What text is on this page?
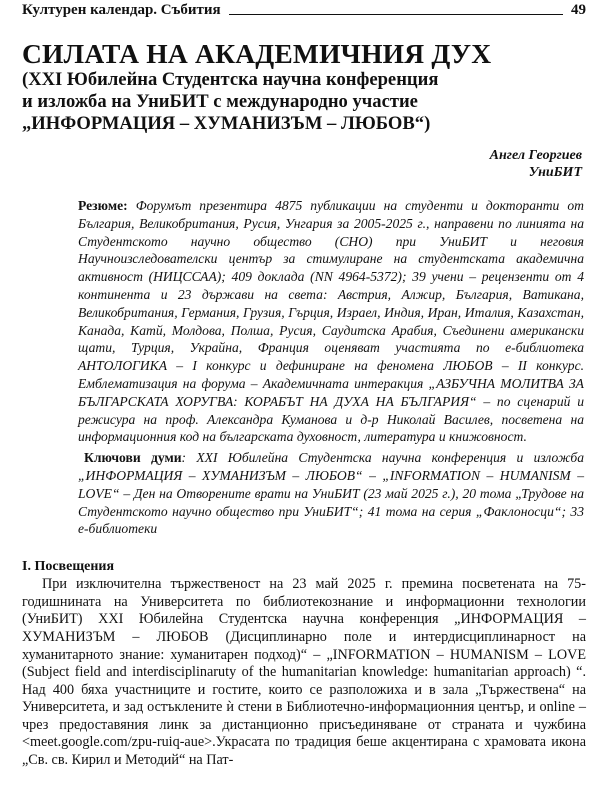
Културен календар. Събития	49
СИЛАТА НА АКАДЕМИЧНИЯ ДУХ
(XXI Юбилейна Студентска научна конференция
и изложба на УниБИТ с международно участие
„ИНФОРМАЦИЯ – ХУМАНИЗЪМ – ЛЮБОВ“)
Ангел Георгиев
УниБИТ
Резюме: Форумът презентира 4875 публикации на студенти и докторанти от България, Великобритания, Русия, Унгария за 2005-2025 г., направени по линията на Студентското научно общество (СНО) при УниБИТ и неговия Научноизследователски център за стимулиране на студентската академична активност (НИЦССАА); 409 доклада (NN 4964-5372); 39 учени – рецензенти от 4 континента и 23 държави на света: Австрия, Алжир, България, Ватикана, Великобритания, Германия, Грузия, Гърция, Израел, Индия, Иран, Италия, Казахстан, Канада, Катй, Молдова, Полша, Русия, Саудитска Арабия, Съединени американски щати, Турция, Украйна, Франция оценяват участията по е-библиотека АНТОЛОГИКА – I конкурс и дефиниране на феномена ЛЮБОВ – II конкурс. Емблематизация на форума – Академичната интеракция „АЗБУЧНА МОЛИТВА ЗА БЪЛГАРСКАТА ХОРУГВА: КОРАБЪТ НА ДУХА НА БЪЛГАРИЯ“ – по сценарий и режисура на проф. Александра Куманова и д-р Николай Василев, посветена на информационния код на българската духовност, литература и книжовност.
Ключови думи: XXI Юбилейна Студентска научна конференция и изложба „ИНФОРМАЦИЯ – ХУМАНИЗЪМ – ЛЮБОВ“ – „INFORMATION – HUMANISM – LOVE“ – Ден на Отворените врати на УниБИТ (23 май 2025 г.), 20 тома „Трудове на Студентското научно общество при УниБИТ“; 41 тома на серия „Факлоносци“; 33 е-библиотеки
I. Посвещения
При изключителна тържественост на 23 май 2025 г. премина посветената на 75-годишнината на Университета по библиотекознание и информационни технологии (УниБИТ) XXI Юбилейна Студентска научна конференция „ИНФОРМАЦИЯ – ХУМАНИЗЪМ – ЛЮБОВ (Дисциплинарно поле и интердисциплинарност на хуманитарното знание: хуманитарен подход)“ – „INFORMATION – HUMANISM – LOVE (Subject field and interdisciplinaruty of the humanitarian knowledge: humanitarian approach) “. Над 400 бяха участниците и гостите, които се разположиха и в зала „Тържествена“ на Университета, и зад остъклените ѝ стени в Библиотечно-информационния център, и online – чрез предоставяния линк за дистанционно присъединяване от страната и чужбина <meet.google.com/zpu-ruiq-aue>.Украсата по традиция беше акцентирана с храмовата икона „Св. св. Кирил и Методий“ на Пат-
